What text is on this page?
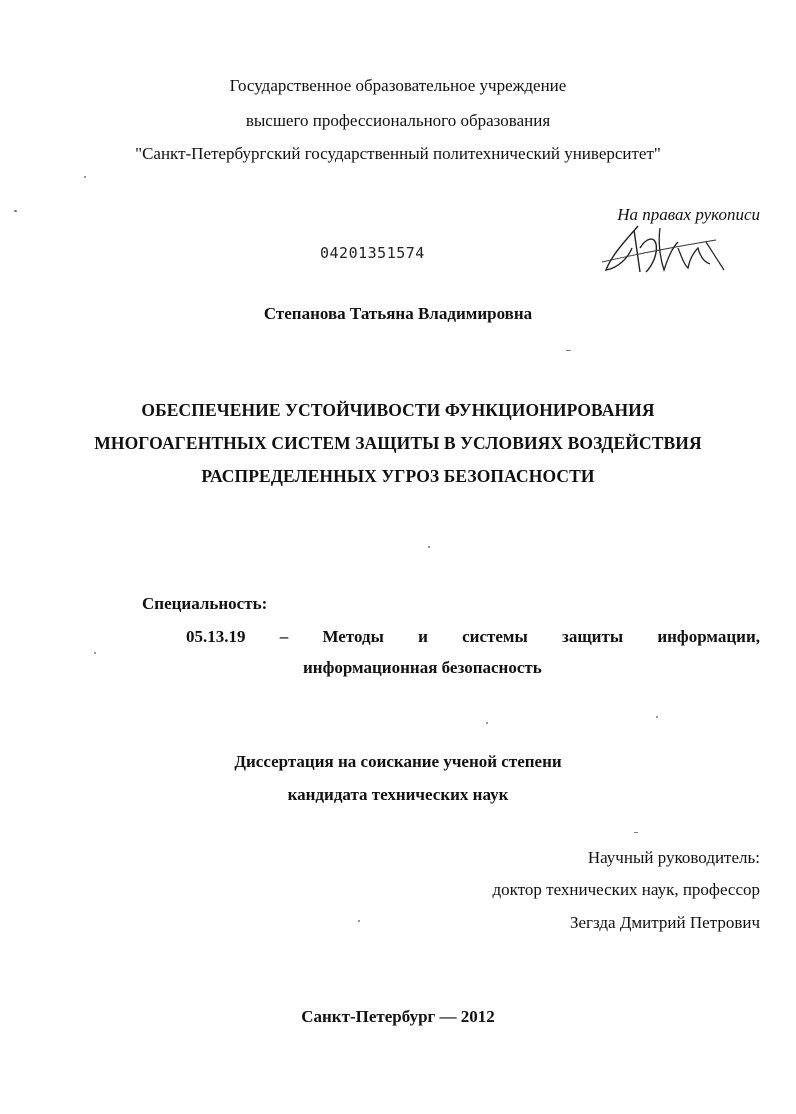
Государственное образовательное учреждение
высшего профессионального образования
"Санкт-Петербургский государственный политехнический университет"
На правах рукописи
04201351574
Степанова Татьяна Владимировна
ОБЕСПЕЧЕНИЕ УСТОЙЧИВОСТИ ФУНКЦИОНИРОВАНИЯ
МНОГОАГЕНТНЫХ СИСТЕМ ЗАЩИТЫ В УСЛОВИЯХ ВОЗДЕЙСТВИЯ
РАСПРЕДЕЛЕННЫХ УГРОЗ БЕЗОПАСНОСТИ
Специальность:
05.13.19 – Методы и системы защиты информации,
информационная безопасность
Диссертация на соискание ученой степени
кандидата технических наук
Научный руководитель:
доктор технических наук, профессор
Зегзда Дмитрий Петрович
Санкт-Петербург — 2012
